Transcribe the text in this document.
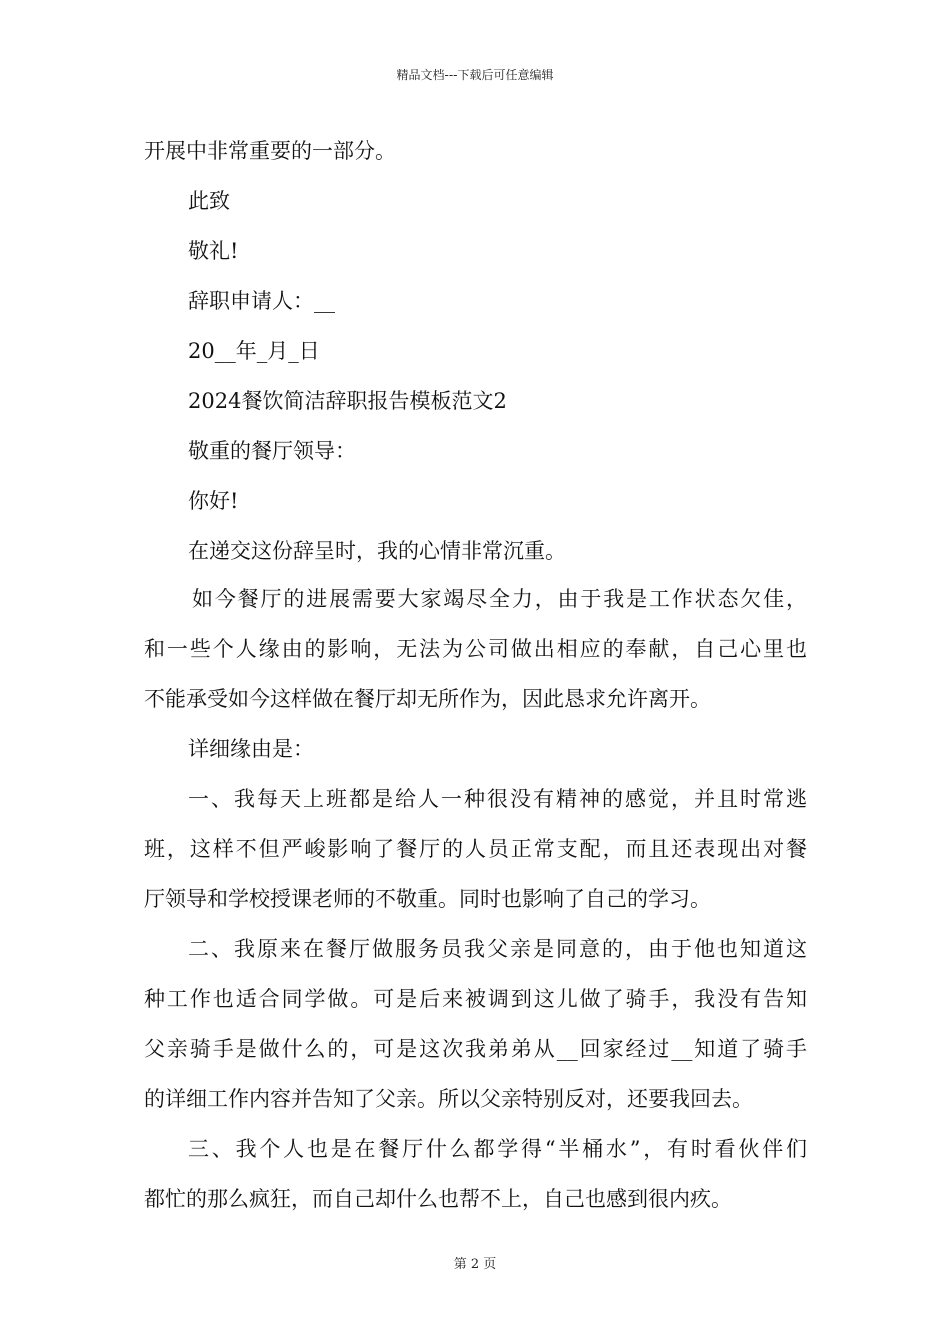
精品文档---下载后可任意编辑
开展中非常重要的一部分。
此致
敬礼!
辞职申请人：__
20__年_月_日
2024餐饮简洁辞职报告模板范文2
敬重的餐厅领导：
你好!
在递交这份辞呈时，我的心情非常沉重。
如今餐厅的进展需要大家竭尽全力，由于我是工作状态欠佳，
和一些个人缘由的影响，无法为公司做出相应的奉献，自己心里也
不能承受如今这样做在餐厅却无所作为，因此恳求允许离开。
详细缘由是：
一、我每天上班都是给人一种很没有精神的感觉，并且时常逃
班，这样不但严峻影响了餐厅的人员正常支配，而且还表现出对餐
厅领导和学校授课老师的不敬重。同时也影响了自己的学习。
二、我原来在餐厅做服务员我父亲是同意的，由于他也知道这
种工作也适合同学做。可是后来被调到这儿做了骑手，我没有告知
父亲骑手是做什么的，可是这次我弟弟从__回家经过__知道了骑手
的详细工作内容并告知了父亲。所以父亲特别反对，还要我回去。
三、我个人也是在餐厅什么都学得“半桶水”，有时看伙伴们
都忙的那么疯狂，而自己却什么也帮不上，自己也感到很内疚。
第 2 页
